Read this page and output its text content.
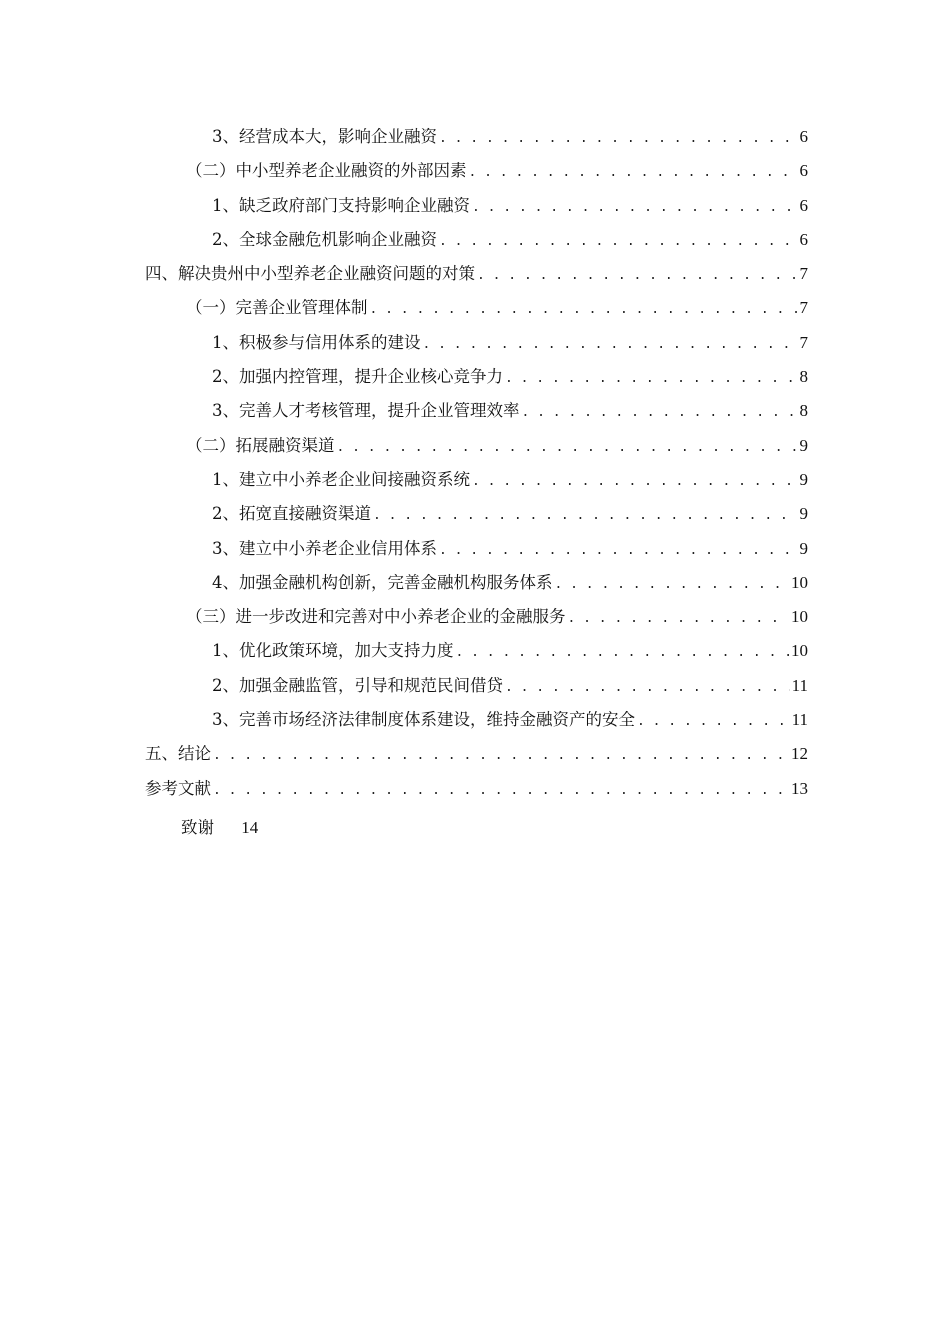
3、经营成本大，影响企业融资 . . .	6
（二）中小型养老企业融资的外部因素 . . .	6
1、缺乏政府部门支持影响企业融资 . . .	6
2、全球金融危机影响企业融资 . . .	6
四、解决贵州中小型养老企业融资问题的对策 . . .	7
（一）完善企业管理体制 . . .	7
1、积极参与信用体系的建设 . . .	7
2、加强内控管理，提升企业核心竞争力 . . .	8
3、完善人才考核管理，提升企业管理效率 . . .	8
（二）拓展融资渠道 . . .	9
1、建立中小养老企业间接融资系统 . . .	9
2、拓宽直接融资渠道 . . .	9
3、建立中小养老企业信用体系 . . .	9
4、加强金融机构创新，完善金融机构服务体系 . . .	10
（三）进一步改进和完善对中小养老企业的金融服务 . . .	10
1、优化政策环境，加大支持力度 . . .	10
2、加强金融监管，引导和规范民间借贷 . . .	11
3、完善市场经济法律制度体系建设，维持金融资产的安全 . . .	11
五、结论 . . .	12
参考文献 . . .	13
致谢 14
